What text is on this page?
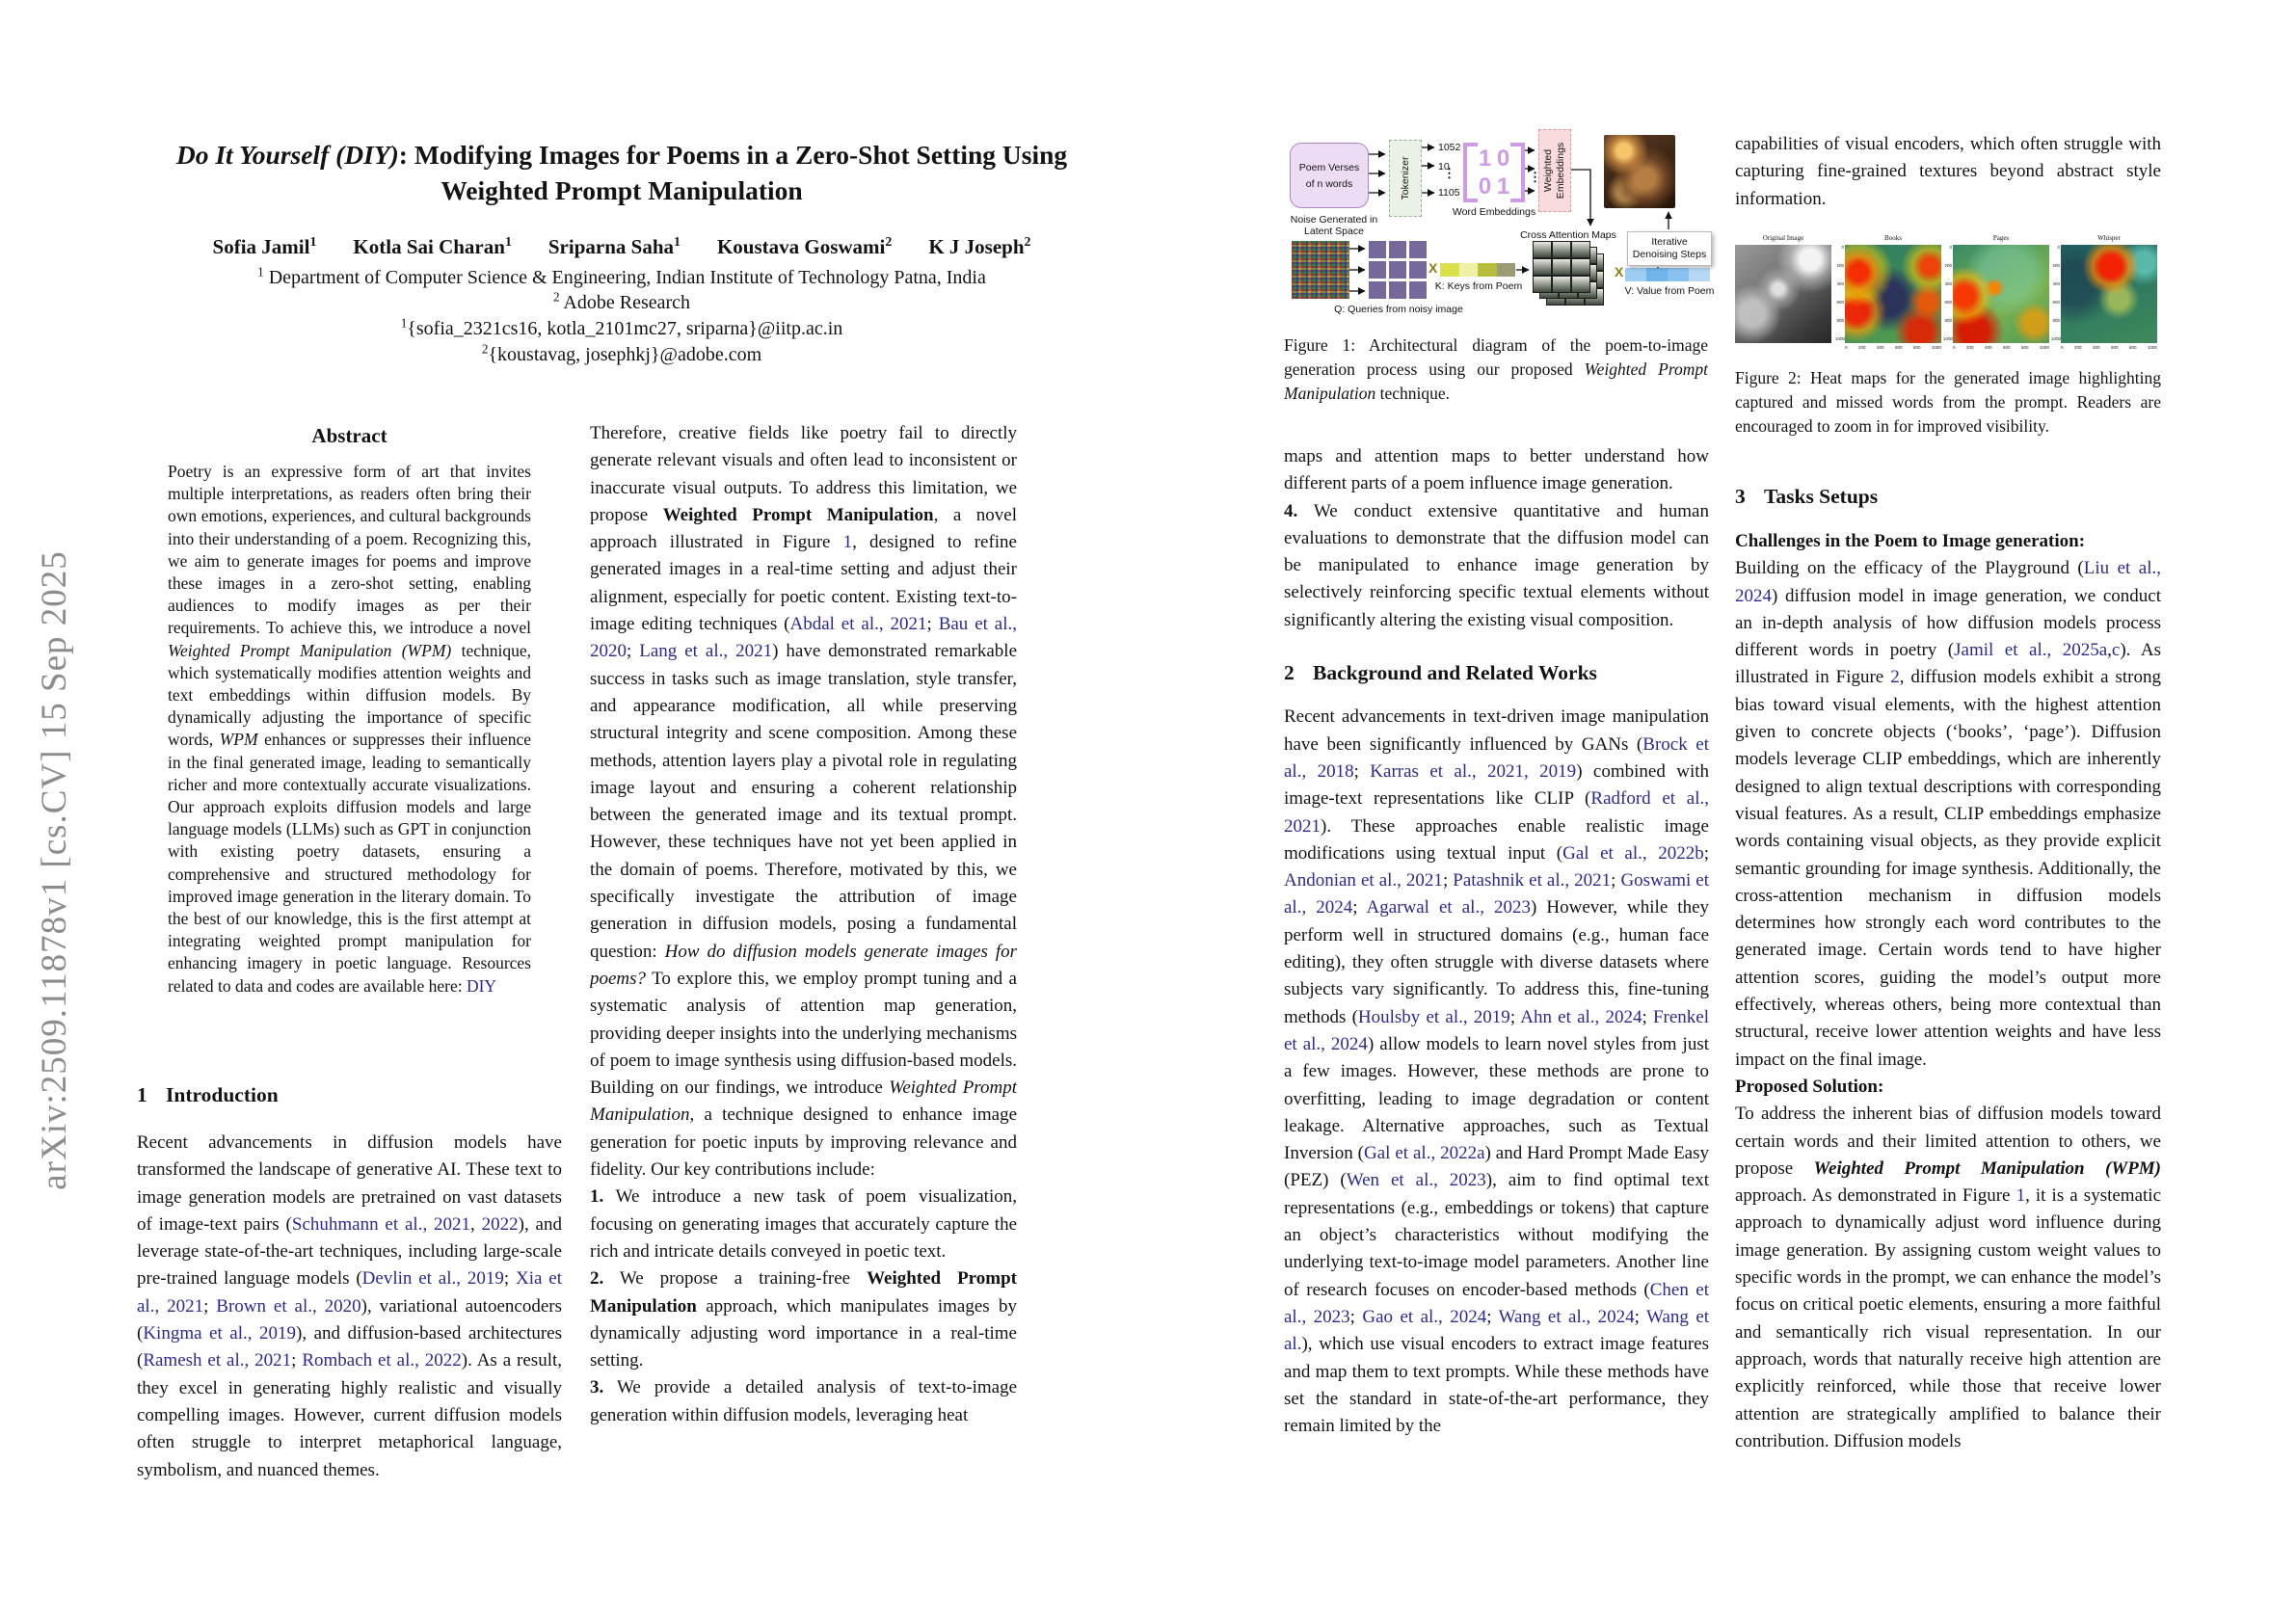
arXiv:2509.11878v1 [cs.CV] 15 Sep 2025
Do It Yourself (DIY): Modifying Images for Poems in a Zero-Shot Setting Using Weighted Prompt Manipulation
Sofia Jamil$^1$ Kotla Sai Charan$^1$ Sriparna Saha$^1$ Koustava Goswami$^2$ K J Joseph$^2$
$^1$ Department of Computer Science & Engineering, Indian Institute of Technology Patna, India
$^2$ Adobe Research
$^1${sofia_2321cs16, kotla_2101mc27, sriparna}@iitp.ac.in
$^2${koustavag, josephkj}@adobe.com
Abstract
Poetry is an expressive form of art that invites multiple interpretations, as readers often bring their own emotions, experiences, and cultural backgrounds into their understanding of a poem. Recognizing this, we aim to generate images for poems and improve these images in a zero-shot setting, enabling audiences to modify images as per their requirements. To achieve this, we introduce a novel Weighted Prompt Manipulation (WPM) technique, which systematically modifies attention weights and text embeddings within diffusion models. By dynamically adjusting the importance of specific words, WPM enhances or suppresses their influence in the final generated image, leading to semantically richer and more contextually accurate visualizations. Our approach exploits diffusion models and large language models (LLMs) such as GPT in conjunction with existing poetry datasets, ensuring a comprehensive and structured methodology for improved image generation in the literary domain. To the best of our knowledge, this is the first attempt at integrating weighted prompt manipulation for enhancing imagery in poetic language. Resources related to data and codes are available here: DIY
1 Introduction
Recent advancements in diffusion models have transformed the landscape of generative AI. These text to image generation models are pretrained on vast datasets of image-text pairs (Schuhmann et al., 2021, 2022), and leverage state-of-the-art techniques, including large-scale pre-trained language models (Devlin et al., 2019; Xia et al., 2021; Brown et al., 2020), variational autoencoders (Kingma et al., 2019), and diffusion-based architectures (Ramesh et al., 2021; Rombach et al., 2022). As a result, they excel in generating highly realistic and visually compelling images. However, current diffusion models often struggle to interpret metaphorical language, symbolism, and nuanced themes.

Therefore, creative fields like poetry fail to directly generate relevant visuals and often lead to inconsistent or inaccurate visual outputs. To address this limitation, we propose Weighted Prompt Manipulation, a novel approach illustrated in Figure 1, designed to refine generated images in a real-time setting and adjust their alignment, especially for poetic content. Existing text-to-image editing techniques (Abdal et al., 2021; Bau et al., 2020; Lang et al., 2021) have demonstrated remarkable success in tasks such as image translation, style transfer, and appearance modification, all while preserving structural integrity and scene composition. Among these methods, attention layers play a pivotal role in regulating image layout and ensuring a coherent relationship between the generated image and its textual prompt. However, these techniques have not yet been applied in the domain of poems. Therefore, motivated by this, we specifically investigate the attribution of image generation in diffusion models, posing a fundamental question: How do diffusion models generate images for poems? To explore this, we employ prompt tuning and a systematic analysis of attention map generation, providing deeper insights into the underlying mechanisms of poem to image synthesis using diffusion-based models. Building on our findings, we introduce Weighted Prompt Manipulation, a technique designed to enhance image generation for poetic inputs by improving relevance and fidelity. Our key contributions include:

1. We introduce a new task of poem visualization, focusing on generating images that accurately capture the rich and intricate details conveyed in poetic text.

2. We propose a training-free Weighted Prompt Manipulation approach, which manipulates images by dynamically adjusting word importance in a real-time setting.

3. We provide a detailed analysis of text-to-image generation within diffusion models, leveraging heat

Poem Verses
of n words	Tokenizer
1052
10
⋮
1105
1 0
0 1
Word Embeddings
⋮
Weighted Embeddings
Noise Generated in
Latent Space
Q: Queries from noisy image
X
K: Keys from Poem
Cross Attention Maps
X
V: Value from Poem
Iterative
Denoising Steps
Figure 1: Architectural diagram of the poem-to-image generation process using our proposed Weighted Prompt Manipulation technique.

maps and attention maps to better understand how different parts of a poem influence image generation.

4. We conduct extensive quantitative and human evaluations to demonstrate that the diffusion model can be manipulated to enhance image generation by selectively reinforcing specific textual elements without significantly altering the existing visual composition.

2 Background and Related Works

Recent advancements in text-driven image manipulation have been significantly influenced by GANs (Brock et al., 2018; Karras et al., 2021, 2019) combined with image-text representations like CLIP (Radford et al., 2021). These approaches enable realistic image modifications using textual input (Gal et al., 2022b; Andonian et al., 2021; Patashnik et al., 2021; Goswami et al., 2024; Agarwal et al., 2023) However, while they perform well in structured domains (e.g., human face editing), they often struggle with diverse datasets where subjects vary significantly. To address this, fine-tuning methods (Houlsby et al., 2019; Ahn et al., 2024; Frenkel et al., 2024) allow models to learn novel styles from just a few images. However, these methods are prone to overfitting, leading to image degradation or content leakage. Alternative approaches, such as Textual Inversion (Gal et al., 2022a) and Hard Prompt Made Easy (PEZ) (Wen et al., 2023), aim to find optimal text representations (e.g., embeddings or tokens) that capture an object’s characteristics without modifying the underlying text-to-image model parameters. Another line of research focuses on encoder-based methods (Chen et al., 2023; Gao et al., 2024; Wang et al., 2024; Wang et al.), which use visual encoders to extract image features and map them to text prompts. While these methods have set the standard in state-of-the-art performance, they remain limited by the

capabilities of visual encoders, which often struggle with capturing fine-grained textures beyond abstract style information.

Original Image	Books
0
200
400
600
800
1000
0	200	400	600	800	1000
Pages
0
200
400
600
800
1000
0	200	400	600	800	1000
Whisper
0
200
400
600
800
1000
0	200	400	600	800	1000
Figure 2: Heat maps for the generated image highlighting captured and missed words from the prompt. Readers are encouraged to zoom in for improved visibility.
3 Tasks Setups

Challenges in the Poem to Image generation:

Building on the efficacy of the Playground (Liu et al., 2024) diffusion model in image generation, we conduct an in-depth analysis of how diffusion models process different words in poetry (Jamil et al., 2025a,c). As illustrated in Figure 2, diffusion models exhibit a strong bias toward visual elements, with the highest attention given to concrete objects (‘books’, ‘page’). Diffusion models leverage CLIP embeddings, which are inherently designed to align textual descriptions with corresponding visual features. As a result, CLIP embeddings emphasize words containing visual objects, as they provide explicit semantic grounding for image synthesis. Additionally, the cross-attention mechanism in diffusion models determines how strongly each word contributes to the generated image. Certain words tend to have higher attention scores, guiding the model’s output more effectively, whereas others, being more contextual than structural, receive lower attention weights and have less impact on the final image.

Proposed Solution:

To address the inherent bias of diffusion models toward certain words and their limited attention to others, we propose Weighted Prompt Manipulation (WPM) approach. As demonstrated in Figure 1, it is a systematic approach to dynamically adjust word influence during image generation. By assigning custom weight values to specific words in the prompt, we can enhance the model’s focus on critical poetic elements, ensuring a more faithful and semantically rich visual representation. In our approach, words that naturally receive high attention are explicitly reinforced, while those that receive lower attention are strategically amplified to balance their contribution. Diffusion models
